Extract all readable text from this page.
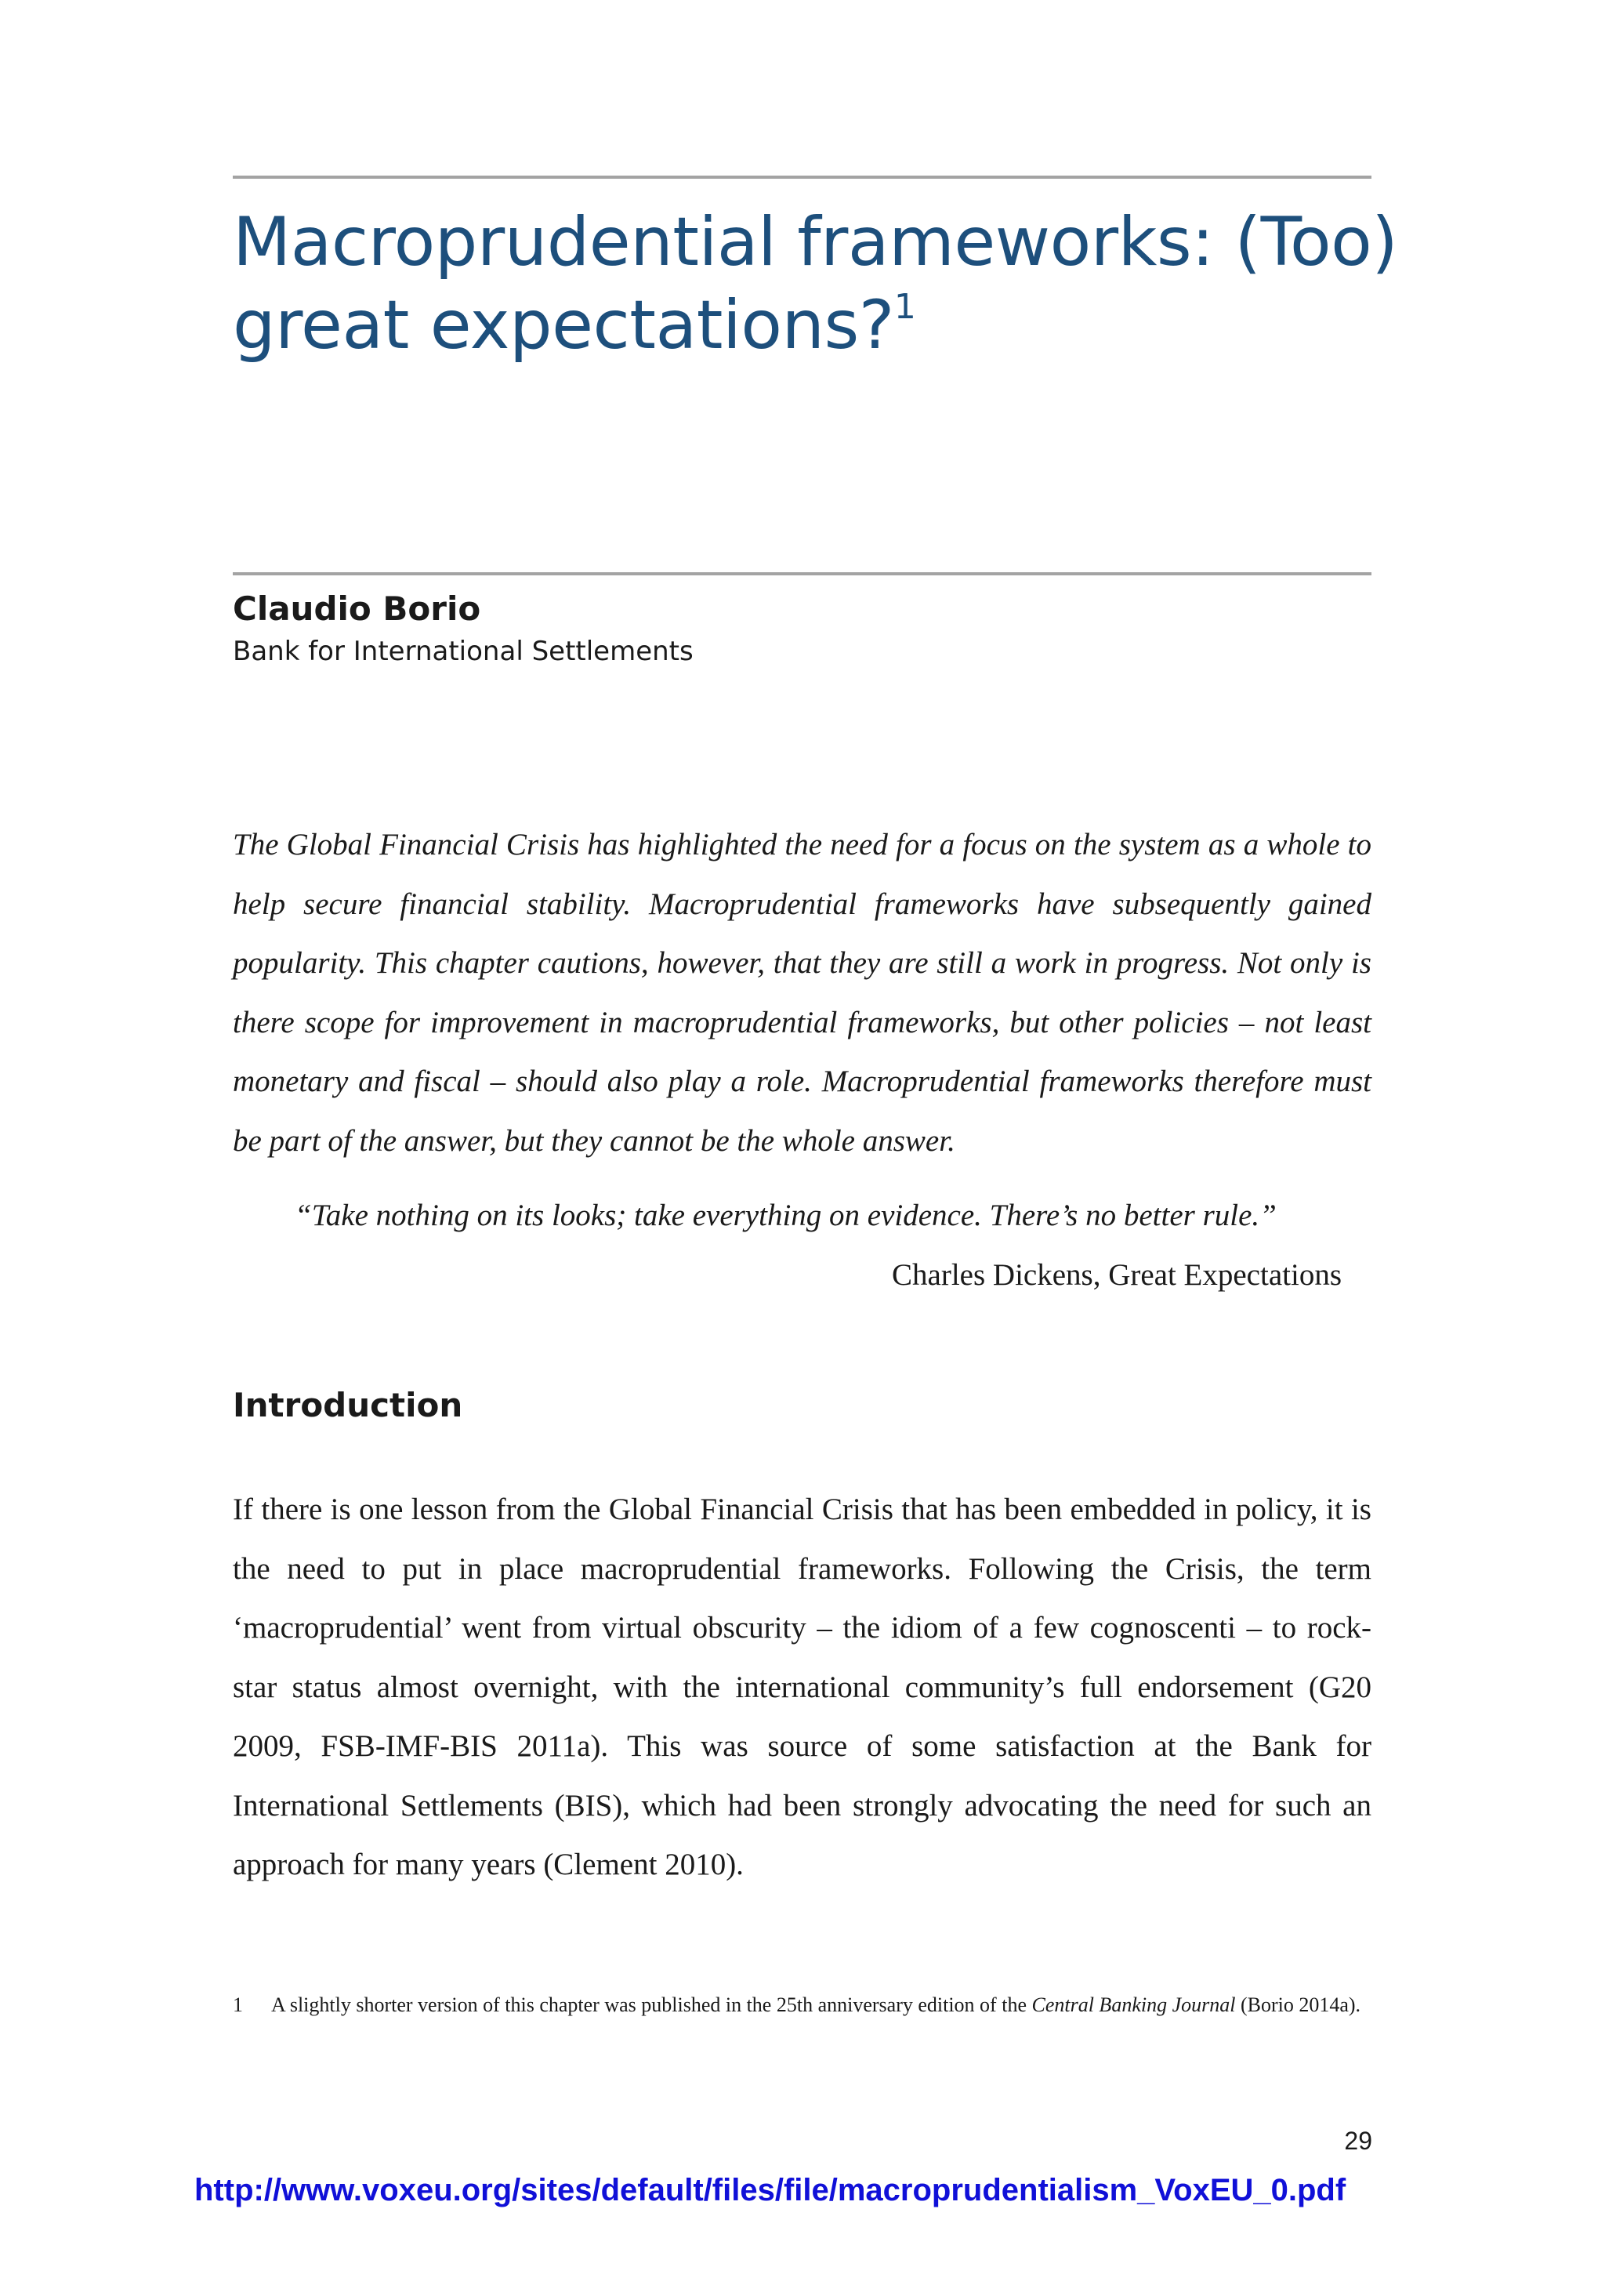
Macroprudential frameworks: (Too)
great expectations?$^1$

Claudio Borio

Bank for International Settlements

The Global Financial Crisis has highlighted the need for a focus on the system as a whole to help secure financial stability. Macroprudential frameworks have subsequently gained popularity. This chapter cautions, however, that they are still a work in progress. Not only is there scope for improvement in macroprudential frameworks, but other policies – not least monetary and fiscal – should also play a role. Macroprudential frameworks therefore must be part of the answer, but they cannot be the whole answer.

“Take nothing on its looks; take everything on evidence. There’s no better rule.”

Charles Dickens, Great Expectations

Introduction

If there is one lesson from the Global Financial Crisis that has been embedded in policy, it is the need to put in place macroprudential frameworks. Following the Crisis, the term ‘macroprudential’ went from virtual obscurity – the idiom of a few cognoscenti – to rock-star status almost overnight, with the international community’s full endorsement (G20 2009, FSB-IMF-BIS 2011a). This was source of some satisfaction at the Bank for International Settlements (BIS), which had been strongly advocating the need for such an approach for many years (Clement 2010).

1	A slightly shorter version of this chapter was published in the 25th anniversary edition of the Central Banking Journal (Borio 2014a).

29

http://www.voxeu.org/sites/default/files/file/macroprudentialism_VoxEU_0.pdf
